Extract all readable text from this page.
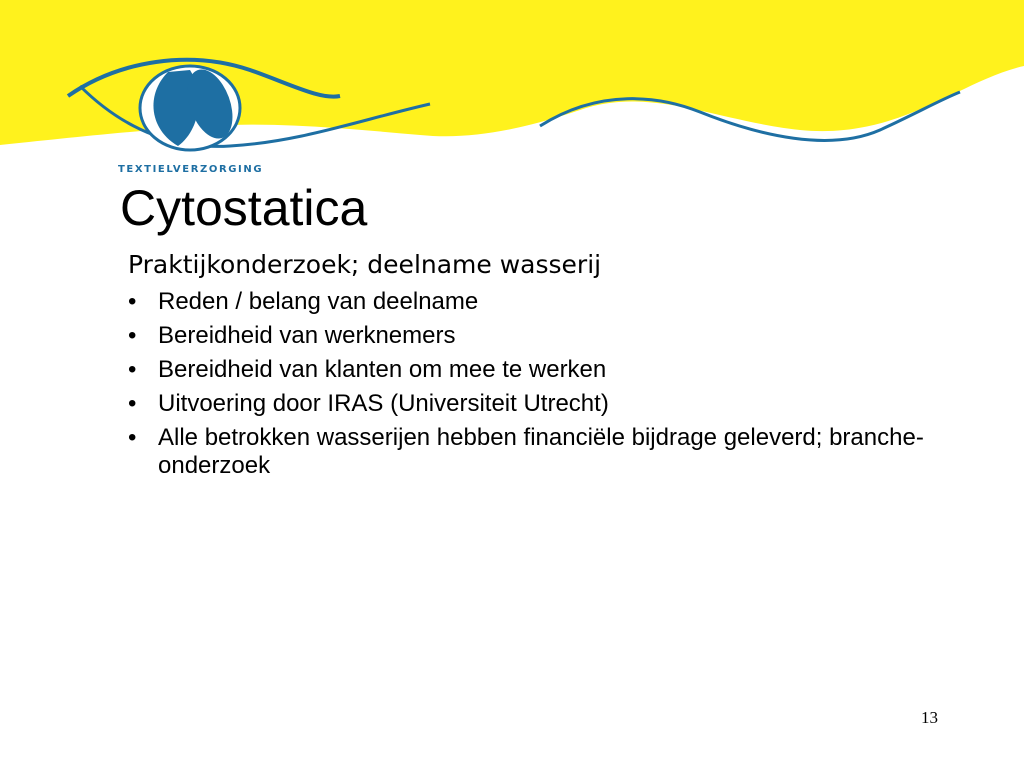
TEXTIELVERZORGING
Cytostatica

Praktijkonderzoek; deelname wasserij

• Reden / belang van deelname
• Bereidheid van werknemers
• Bereidheid van klanten om mee te werken
• Uitvoering door IRAS (Universiteit Utrecht)
• Alle betrokken wasserijen hebben financiële bijdrage geleverd; branche-onderzoek
13
